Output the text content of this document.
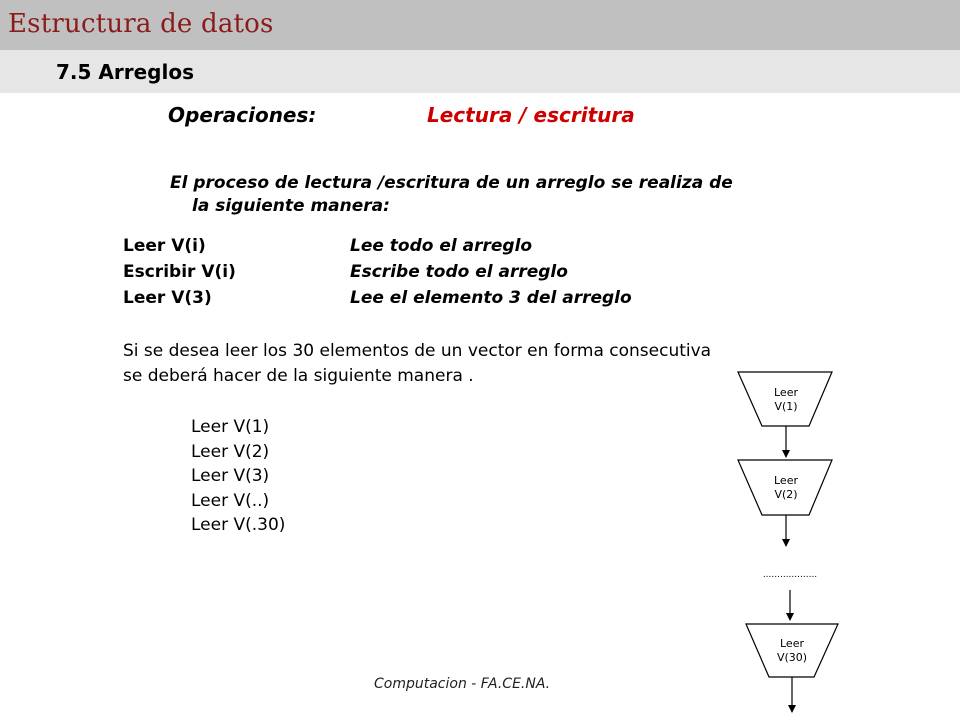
Estructura de datos
7.5 Arreglos
Operaciones:	Lectura / escritura
El proceso de lectura /escritura de un arreglo se realiza de
la siguiente manera:
Leer V(i)	Lee todo el arreglo
Escribir V(i)	Escribe todo el arreglo
Leer V(3)	Lee el elemento 3 del arreglo
Si se desea leer los 30 elementos de un vector en forma consecutiva
se deberá hacer de la siguiente manera .
Leer V(1)
Leer V(2)
Leer V(3)
Leer V(..)
Leer V(.30)
Leer
V(1)
Leer
V(2)
...................
Leer
V(30)
Computacion - FA.CE.NA.
